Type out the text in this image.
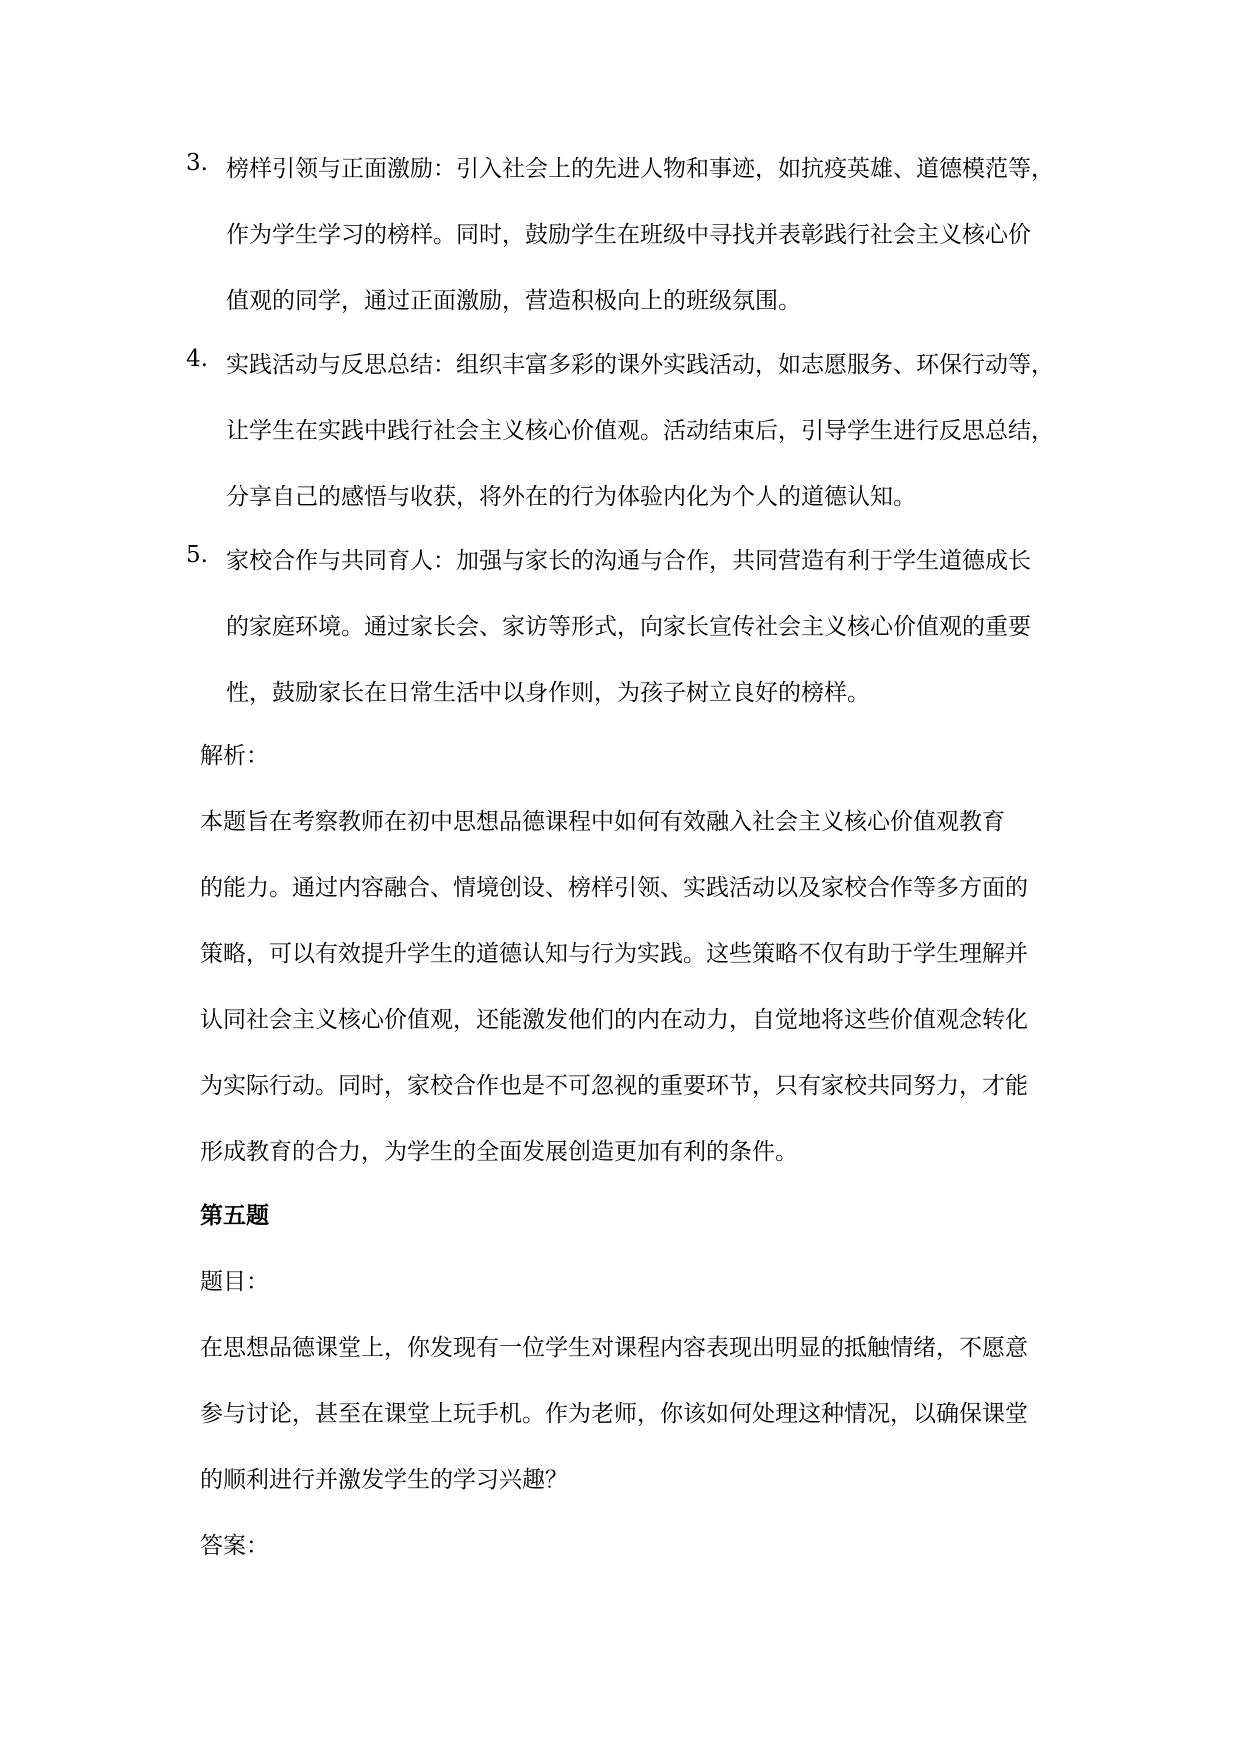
3. 榜样引领与正面激励：引入社会上的先进人物和事迹，如抗疫英雄、道德模范等，
作为学生学习的榜样。同时，鼓励学生在班级中寻找并表彰践行社会主义核心价
值观的同学，通过正面激励，营造积极向上的班级氛围。
4. 实践活动与反思总结：组织丰富多彩的课外实践活动，如志愿服务、环保行动等，
让学生在实践中践行社会主义核心价值观。活动结束后，引导学生进行反思总结，
分享自己的感悟与收获，将外在的行为体验内化为个人的道德认知。
5. 家校合作与共同育人：加强与家长的沟通与合作，共同营造有利于学生道德成长
的家庭环境。通过家长会、家访等形式，向家长宣传社会主义核心价值观的重要
性，鼓励家长在日常生活中以身作则，为孩子树立良好的榜样。
解析：
本题旨在考察教师在初中思想品德课程中如何有效融入社会主义核心价值观教育
的能力。通过内容融合、情境创设、榜样引领、实践活动以及家校合作等多方面的
策略，可以有效提升学生的道德认知与行为实践。这些策略不仅有助于学生理解并
认同社会主义核心价值观，还能激发他们的内在动力，自觉地将这些价值观念转化
为实际行动。同时，家校合作也是不可忽视的重要环节，只有家校共同努力，才能
形成教育的合力，为学生的全面发展创造更加有利的条件。
第五题
题目：
在思想品德课堂上，你发现有一位学生对课程内容表现出明显的抵触情绪，不愿意
参与讨论，甚至在课堂上玩手机。作为老师，你该如何处理这种情况，以确保课堂
的顺利进行并激发学生的学习兴趣？
答案：
